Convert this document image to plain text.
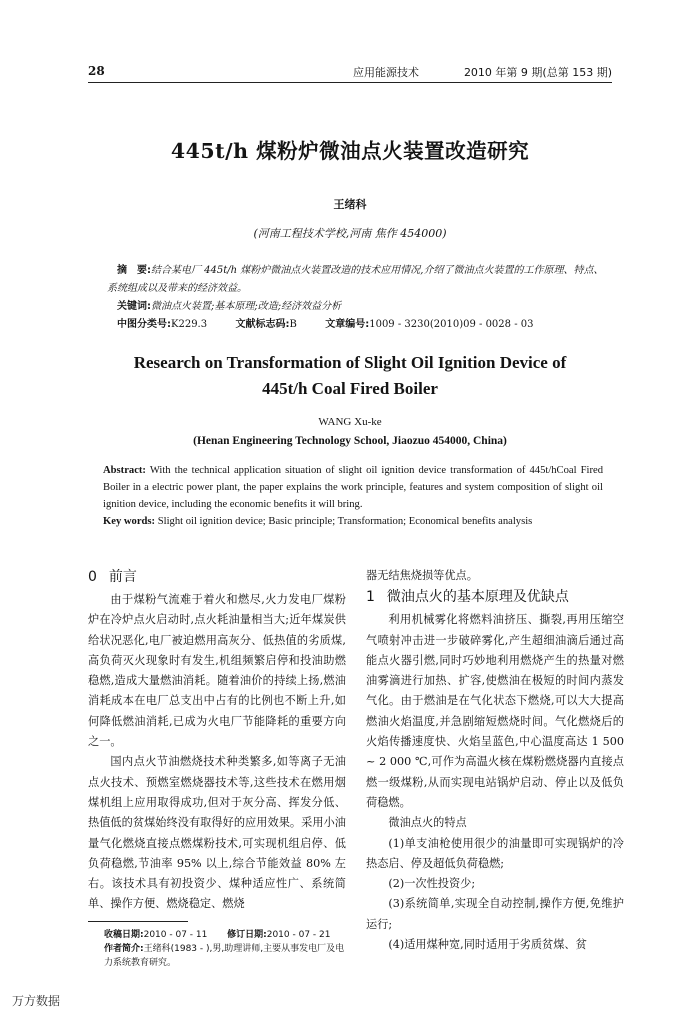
28	应用能源技术	2010 年第 9 期(总第 153 期)
445t/h 煤粉炉微油点火装置改造研究
王绪科
(河南工程技术学校,河南 焦作 454000)

摘　要:结合某电厂 445t/h 煤粉炉微油点火装置改造的技术应用情况,介绍了微油点火装置的工作原理、特点、系统组成以及带来的经济效益。

关键词:微油点火装置;基本原理;改造;经济效益分析

中图分类号:K229.3	文献标志码:B	文章编号:1009 - 3230(2010)09 - 0028 - 03

Research on Transformation of Slight Oil Ignition Device of
445t/h Coal Fired Boiler
WANG Xu-ke
(Henan Engineering Technology School, Jiaozuo 454000, China)

Abstract: With the technical application situation of slight oil ignition device transformation of 445t/hCoal Fired Boiler in a electric power plant, the paper explains the work principle, features and system composition of slight oil ignition device, including the economic benefits it will bring.

Key words: Slight oil ignition device; Basic principle; Transformation; Economical benefits analysis

0 前言

由于煤粉气流难于着火和燃尽,火力发电厂煤粉炉在冷炉点火启动时,点火耗油量相当大;近年煤炭供给状况恶化,电厂被迫燃用高灰分、低热值的劣质煤,高负荷灭火现象时有发生,机组频繁启停和投油助燃稳燃,造成大量燃油消耗。随着油价的持续上扬,燃油消耗成本在电厂总支出中占有的比例也不断上升,如何降低燃油消耗,已成为火电厂节能降耗的重要方向之一。

国内点火节油燃烧技术种类繁多,如等离子无油点火技术、预燃室燃烧器技术等,这些技术在燃用烟煤机组上应用取得成功,但对于灰分高、挥发分低、热值低的贫煤始终没有取得好的应用效果。采用小油量气化燃烧直接点燃煤粉技术,可实现机组启停、低负荷稳燃,节油率 95% 以上,综合节能效益 80% 左右。该技术具有初投资少、煤种适应性广、系统简单、操作方便、燃烧稳定、燃烧

器无结焦烧损等优点。

1 微油点火的基本原理及优缺点

利用机械雾化将燃料油挤压、撕裂,再用压缩空气喷射冲击进一步破碎雾化,产生超细油滴后通过高能点火器引燃,同时巧妙地利用燃烧产生的热量对燃油雾滴进行加热、扩容,使燃油在极短的时间内蒸发气化。由于燃油是在气化状态下燃烧,可以大大提高燃油火焰温度,并急剧缩短燃烧时间。气化燃烧后的火焰传播速度快、火焰呈蓝色,中心温度高达 1 500 ~ 2 000 ℃,可作为高温火核在煤粉燃烧器内直接点燃一级煤粉,从而实现电站锅炉启动、停止以及低负荷稳燃。

微油点火的特点

(1)单支油枪使用很少的油量即可实现锅炉的冷热态启、停及超低负荷稳燃;

(2)一次性投资少;

(3)系统简单,实现全自动控制,操作方便,免维护运行;

(4)适用煤种宽,同时适用于劣质贫煤、贫

收稿日期:2010 - 07 - 11 修订日期:2010 - 07 - 21

作者简介:王绪科(1983 - ),男,助理讲师,主要从事发电厂及电力系统教育研究。

万方数据
